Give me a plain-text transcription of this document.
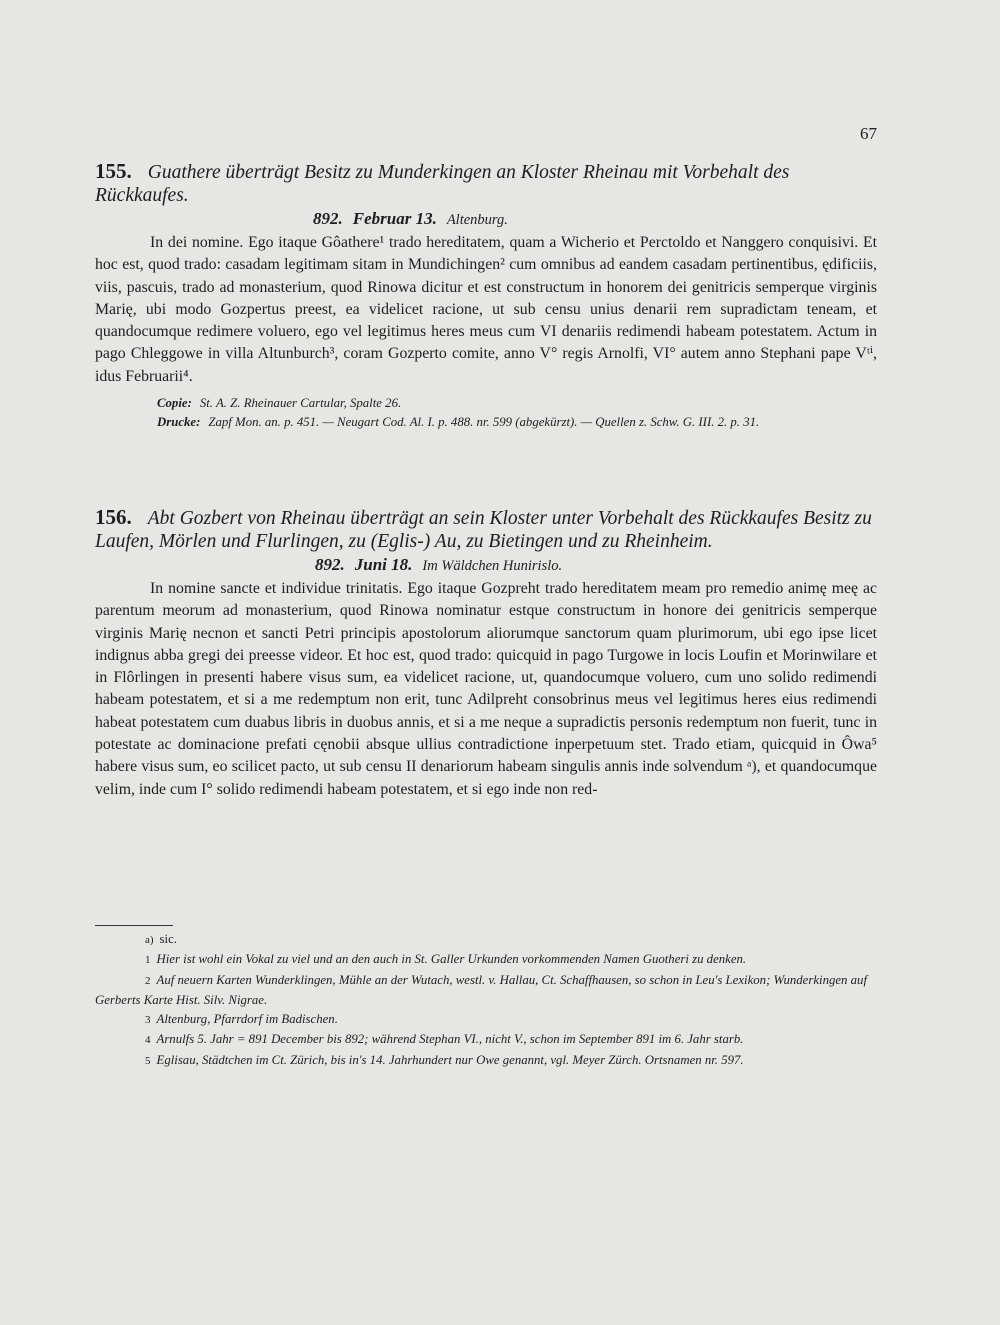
67

155. Guathere überträgt Besitz zu Munderkingen an Kloster Rheinau mit Vorbehalt des Rückkaufes.

892. Februar 13. Altenburg.

In dei nomine. Ego itaque Gôathere¹ trado hereditatem, quam a Wicherio et Perctoldo et Nanggero conquisivi. Et hoc est, quod trado: casadam legitimam sitam in Mundichingen² cum omnibus ad eandem casadam pertinentibus, ędificiis, viis, pascuis, trado ad monasterium, quod Rinowa dicitur et est constructum in honorem dei genitricis semperque virginis Marię, ubi modo Gozpertus preest, ea videlicet racione, ut sub censu unius denarii rem supradictam teneam, et quandocumque redimere voluero, ego vel legitimus heres meus cum VI denariis redimendi habeam potestatem. Actum in pago Chleggowe in villa Altunburch³, coram Gozperto comite, anno V° regis Arnolfi, VI° autem anno Stephani pape Vᵗⁱ, idus Februarii⁴.

Copie: St. A. Z. Rheinauer Cartular, Spalte 26.

Drucke: Zapf Mon. an. p. 451. — Neugart Cod. Al. I. p. 488. nr. 599 (abgekürzt). — Quellen z. Schw. G. III. 2. p. 31.

156. Abt Gozbert von Rheinau überträgt an sein Kloster unter Vorbehalt des Rückkaufes Besitz zu Laufen, Mörlen und Flurlingen, zu (Eglis-) Au, zu Bietingen und zu Rheinheim.

892. Juni 18. Im Wäldchen Hunirislo.

In nomine sancte et individue trinitatis. Ego itaque Gozpreht trado hereditatem meam pro remedio animę meę ac parentum meorum ad monasterium, quod Rinowa nominatur estque constructum in honore dei genitricis semperque virginis Marię necnon et sancti Petri principis apostolorum aliorumque sanctorum quam plurimorum, ubi ego ipse licet indignus abba gregi dei preesse videor. Et hoc est, quod trado: quicquid in pago Turgowe in locis Loufin et Morinwilare et in Flôrlingen in presenti habere visus sum, ea videlicet racione, ut, quandocumque voluero, cum uno solido redimendi habeam potestatem, et si a me redemptum non erit, tunc Adilpreht consobrinus meus vel legitimus heres eius redimendi habeat potestatem cum duabus libris in duobus annis, et si a me neque a supradictis personis redemptum non fuerit, tunc in potestate ac dominacione prefati cęnobii absque ullius contradictione inperpetuum stet. Trado etiam, quicquid in Ôwa⁵ habere visus sum, eo scilicet pacto, ut sub censu II denariorum habeam singulis annis inde solvendum ᵃ), et quandocumque velim, inde cum I° solido redimendi habeam potestatem, et si ego inde non red-

a) sic.

1 Hier ist wohl ein Vokal zu viel und an den auch in St. Galler Urkunden vorkommenden Namen Guotheri zu denken.

2 Auf neuern Karten Wunderklingen, Mühle an der Wutach, westl. v. Hallau, Ct. Schaffhausen, so schon in Leu's Lexikon; Wunderkingen auf Gerberts Karte Hist. Silv. Nigrae.

3 Altenburg, Pfarrdorf im Badischen.

4 Arnulfs 5. Jahr = 891 December bis 892; während Stephan VI., nicht V., schon im September 891 im 6. Jahr starb.

5 Eglisau, Städtchen im Ct. Zürich, bis in's 14. Jahrhundert nur Owe genannt, vgl. Meyer Zürch. Ortsnamen nr. 597.
